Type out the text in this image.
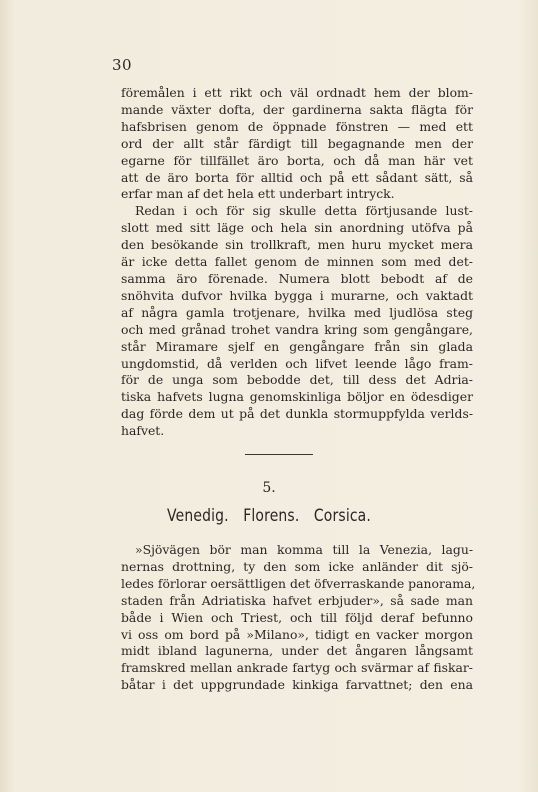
30
föremålen i ett rikt och väl ordnadt hem der blom-
mande växter dofta, der gardinerna sakta flägta för
hafsbrisen genom de öppnade fönstren — med ett
ord der allt står färdigt till begagnande men der
egarne för tillfället äro borta, och då man här vet
att de äro borta för alltid och på ett sådant sätt, så
erfar man af det hela ett underbart intryck.
Redan i och för sig skulle detta förtjusande lust-
slott med sitt läge och hela sin anordning utöfva på
den besökande sin trollkraft, men huru mycket mera
är icke detta fallet genom de minnen som med det-
samma äro förenade. Numera blott bebodt af de
snöhvita dufvor hvilka bygga i murarne, och vaktadt
af några gamla trotjenare, hvilka med ljudlösa steg
och med grånad trohet vandra kring som gengångare,
står Miramare sjelf en gengångare från sin glada
ungdomstid, då verlden och lifvet leende lågo fram-
för de unga som bebodde det, till dess det Adria-
tiska hafvets lugna genomskinliga böljor en ödesdiger
dag förde dem ut på det dunkla stormuppfylda verlds-
hafvet.
5.
Venedig. Florens. Corsica.
»Sjövägen bör man komma till la Venezia, lagu-
nernas drottning, ty den som icke anländer dit sjö-
ledes förlorar oersättligen det öfverraskande panorama,
staden från Adriatiska hafvet erbjuder», så sade man
både i Wien och Triest, och till följd deraf befunno
vi oss om bord på »Milano», tidigt en vacker morgon
midt ibland lagunerna, under det ångaren långsamt
framskred mellan ankrade fartyg och svärmar af fiskar-
båtar i det uppgrundade kinkiga farvattnet; den ena
